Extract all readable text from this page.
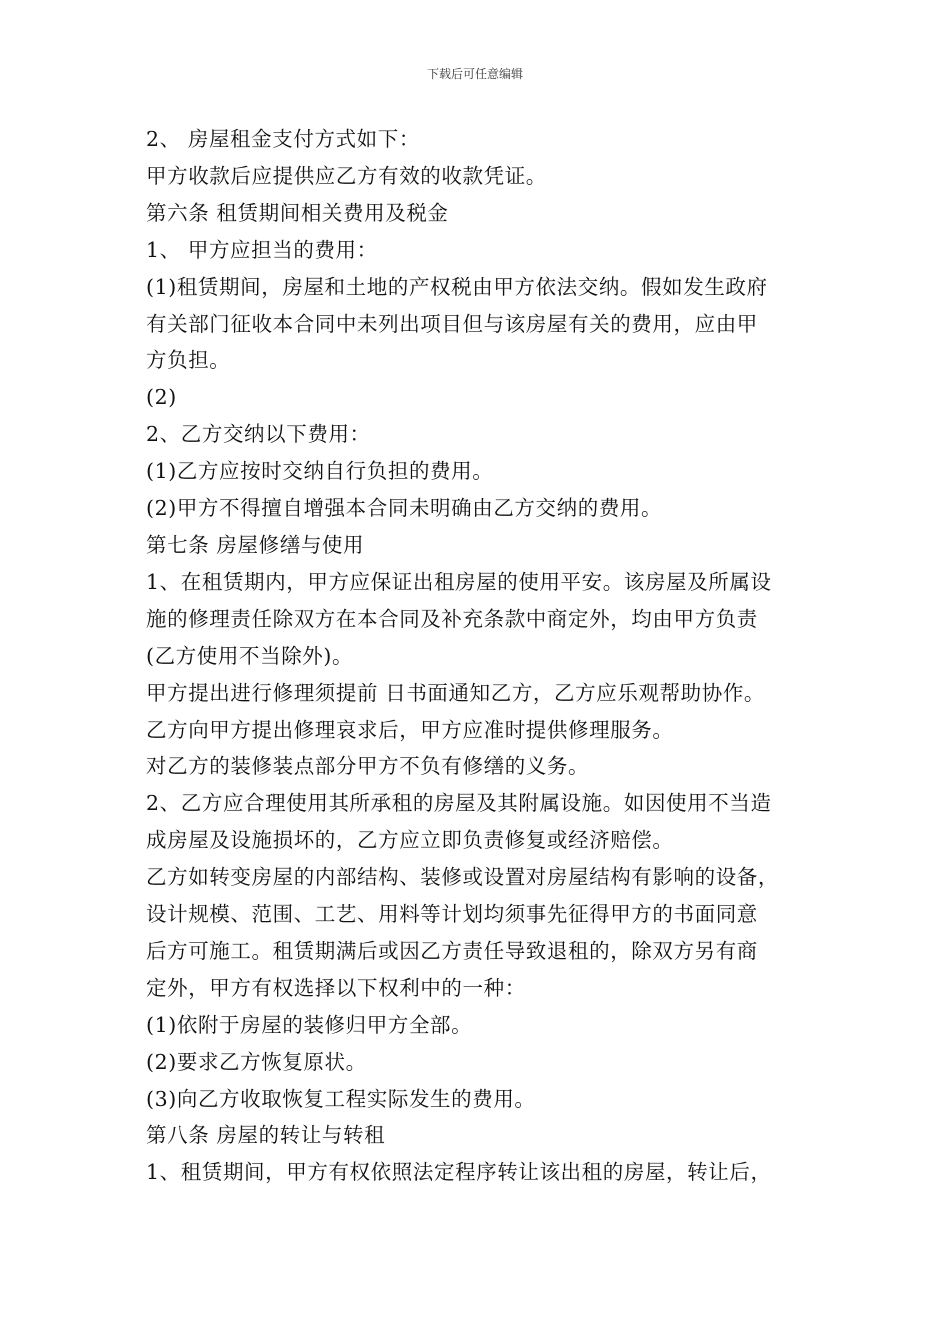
下载后可任意编辑
2、 房屋租金支付方式如下：
甲方收款后应提供应乙方有效的收款凭证。
第六条 租赁期间相关费用及税金
1、 甲方应担当的费用：
(1)租赁期间，房屋和土地的产权税由甲方依法交纳。假如发生政府
有关部门征收本合同中未列出项目但与该房屋有关的费用，应由甲
方负担。
(2)
2、乙方交纳以下费用：
(1)乙方应按时交纳自行负担的费用。
(2)甲方不得擅自增强本合同未明确由乙方交纳的费用。
第七条 房屋修缮与使用
1、在租赁期内，甲方应保证出租房屋的使用平安。该房屋及所属设
施的修理责任除双方在本合同及补充条款中商定外，均由甲方负责
(乙方使用不当除外)。
甲方提出进行修理须提前 日书面通知乙方，乙方应乐观帮助协作。
乙方向甲方提出修理哀求后，甲方应准时提供修理服务。
对乙方的装修装点部分甲方不负有修缮的义务。
2、乙方应合理使用其所承租的房屋及其附属设施。如因使用不当造
成房屋及设施损坏的，乙方应立即负责修复或经济赔偿。
乙方如转变房屋的内部结构、装修或设置对房屋结构有影响的设备，
设计规模、范围、工艺、用料等计划均须事先征得甲方的书面同意
后方可施工。租赁期满后或因乙方责任导致退租的，除双方另有商
定外，甲方有权选择以下权利中的一种：
(1)依附于房屋的装修归甲方全部。
(2)要求乙方恢复原状。
(3)向乙方收取恢复工程实际发生的费用。
第八条 房屋的转让与转租
1、租赁期间，甲方有权依照法定程序转让该出租的房屋，转让后，
